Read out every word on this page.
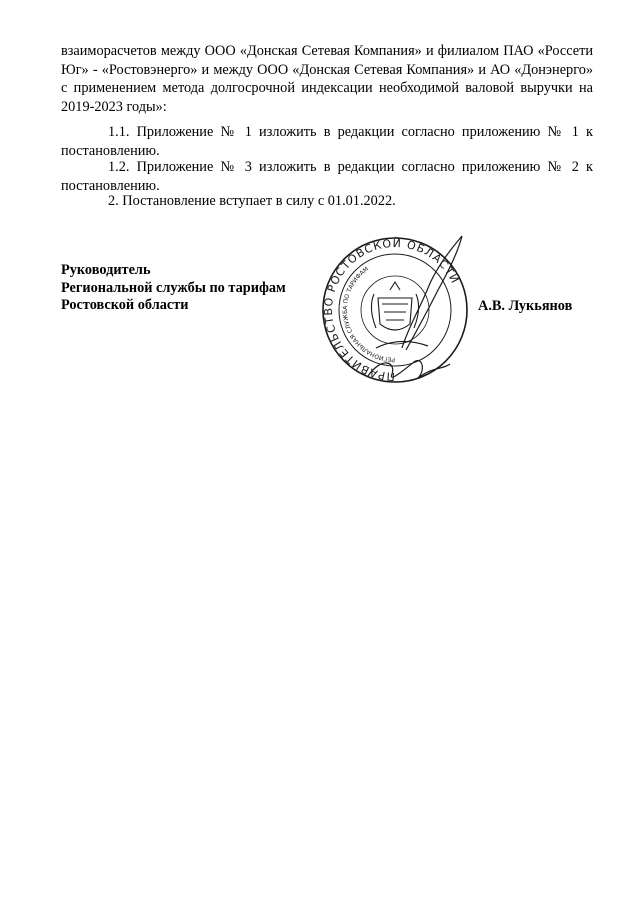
взаиморасчетов между ООО «Донская Сетевая Компания» и филиалом ПАО «Россети Юг» - «Ростовэнерго» и между ООО «Донская Сетевая Компания» и АО «Донэнерго» с применением метода долгосрочной индексации необходимой валовой выручки на 2019-2023 годы»:

1.1. Приложение № 1 изложить в редакции согласно приложению № 1 к постановлению.

1.2. Приложение № 3 изложить в редакции согласно приложению № 2 к постановлению.

2. Постановление вступает в силу с 01.01.2022.

Руководитель
Региональной службы по тарифам
Ростовской области
ПРАВИТЕЛЬСТВО РОСТОВСКОЙ ОБЛАСТИ
РЕГИОНАЛЬНАЯ СЛУЖБА ПО ТАРИФАМ
А.В. Лукьянов
